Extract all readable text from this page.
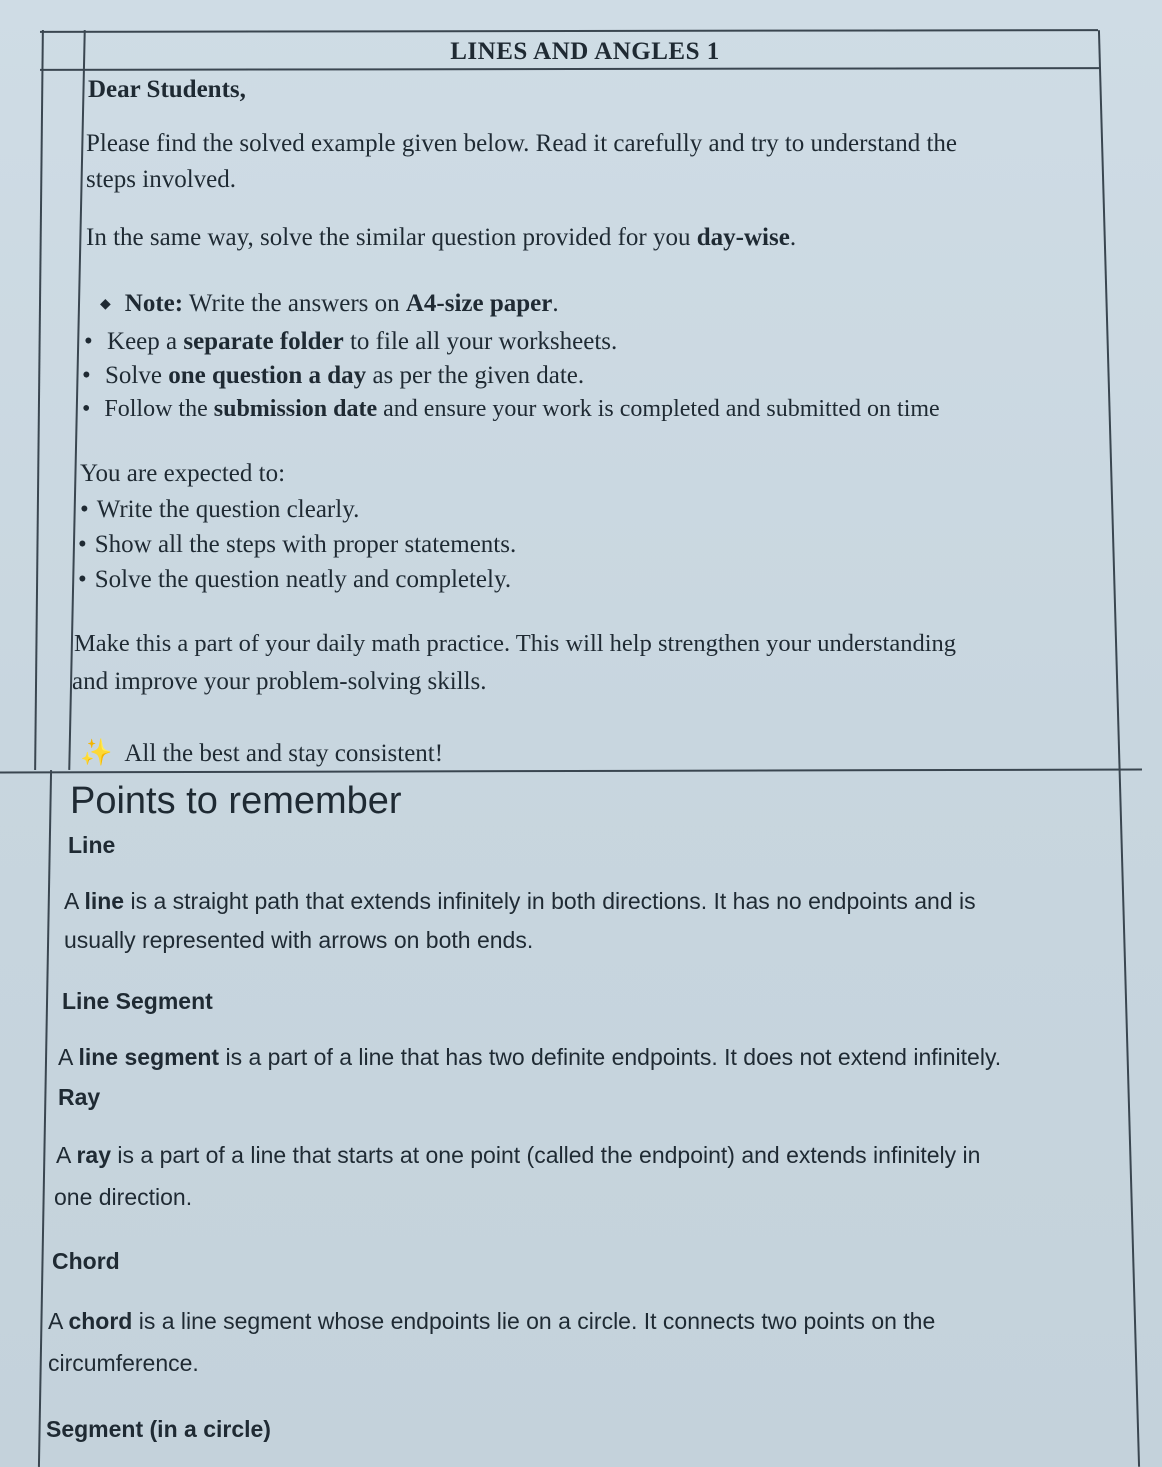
LINES AND ANGLES 1
Dear Students,
Please find the solved example given below. Read it carefully and try to understand the
steps involved.
In the same way, solve the similar question provided for you day-wise.
◆ Note: Write the answers on A4-size paper.
• Keep a separate folder to file all your worksheets.
• Solve one question a day as per the given date.
• Follow the submission date and ensure your work is completed and submitted on time
You are expected to:
• Write the question clearly.
• Show all the steps with proper statements.
• Solve the question neatly and completely.
Make this a part of your daily math practice. This will help strengthen your understanding
and improve your problem-solving skills.
✨ All the best and stay consistent!
Points to remember
Line
A line is a straight path that extends infinitely in both directions. It has no endpoints and is
usually represented with arrows on both ends.
Line Segment
A line segment is a part of a line that has two definite endpoints. It does not extend infinitely.
Ray
A ray is a part of a line that starts at one point (called the endpoint) and extends infinitely in
one direction.
Chord
A chord is a line segment whose endpoints lie on a circle. It connects two points on the
circumference.
Segment (in a circle)
